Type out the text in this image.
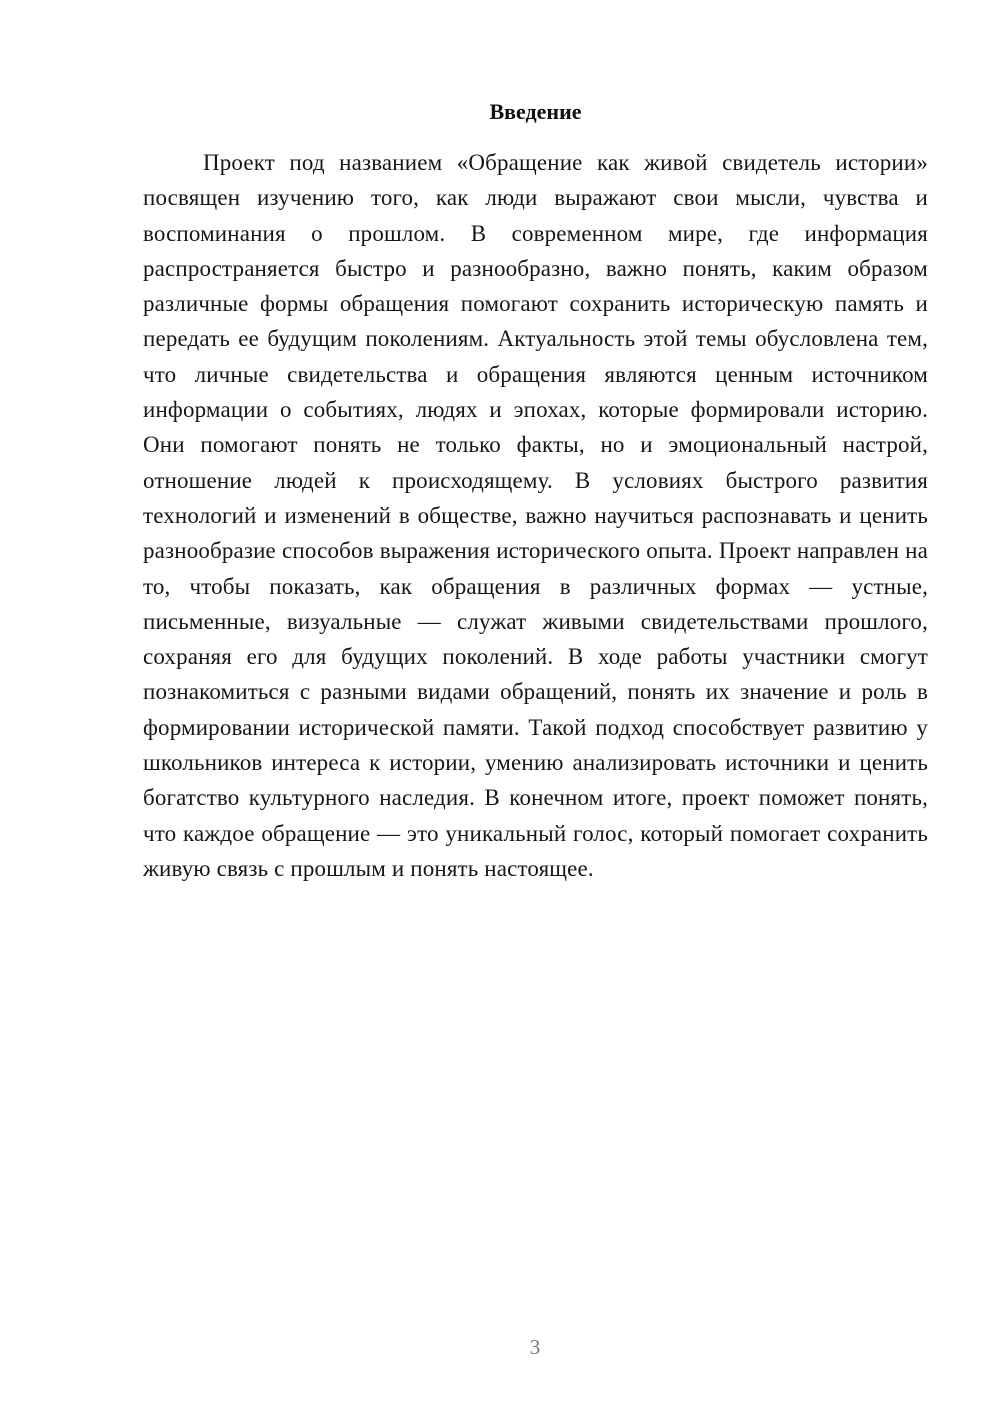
Введение

Проект под названием «Обращение как живой свидетель истории» посвящен изучению того, как люди выражают свои мысли, чувства и воспоминания о прошлом. В современном мире, где информация распространяется быстро и разнообразно, важно понять, каким образом различные формы обращения помогают сохранить историческую память и передать ее будущим поколениям. Актуальность этой темы обусловлена тем, что личные свидетельства и обращения являются ценным источником информации о событиях, людях и эпохах, которые формировали историю. Они помогают понять не только факты, но и эмоциональный настрой, отношение людей к происходящему. В условиях быстрого развития технологий и изменений в обществе, важно научиться распознавать и ценить разнообразие способов выражения исторического опыта. Проект направлен на то, чтобы показать, как обращения в различных формах — устные, письменные, визуальные — служат живыми свидетельствами прошлого, сохраняя его для будущих поколений. В ходе работы участники смогут познакомиться с разными видами обращений, понять их значение и роль в формировании исторической памяти. Такой подход способствует развитию у школьников интереса к истории, умению анализировать источники и ценить богатство культурного наследия. В конечном итоге, проект поможет понять, что каждое обращение — это уникальный голос, который помогает сохранить живую связь с прошлым и понять настоящее.

3
